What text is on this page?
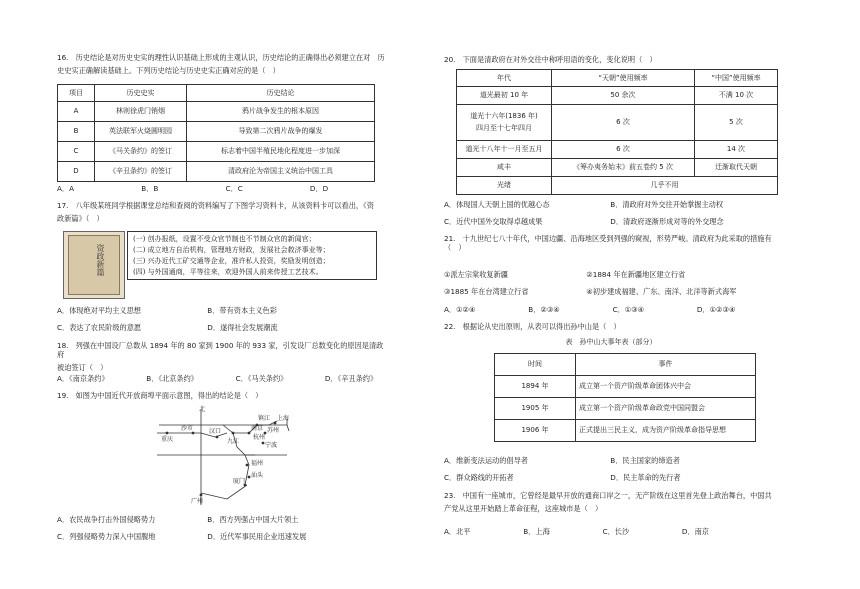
16.　历史结论是对历史史实的理性认识基础上形成的主观认识，历史结论的正确得出必须建立在对　历
史史实正确解读基础上。下列历史结论与历史史实正确对应的是（　）
项目	历史史实	历史结论
A	林则徐虎门销烟	鸦片战争发生的根本原因
B	英法联军火烧圆明园	导致第二次鸦片战争的爆发
C	《马关条约》的签订	标志着中国半殖民地化程度进一步加深
D	《辛丑条约》的签订	清政府沦为帝国主义统治中国工具
A．A	B．B	C．C	D．D
17.　八年级某班同学根据课堂总结和查阅的资料编写了下图学习资料卡，从该资料卡可以看出，《资
政新篇》（　）
资政新篇
(一) 创办报纸，设置不受众官节制也不节制众官的新闻官；
(二) 成立地方自治机构，管理地方财政，发展社会救济事业等；
(三) 兴办近代工矿交通等企业，准许私人投资，奖励发明创造；
(四) 与外国通商，平等往来，欢迎外国人前来传授工艺技术。
A．体现绝对平均主义思想	B．带有资本主义色彩
C．表达了农民阶级的意愿	D．遂得社会发展潮流
18.　列强在中国设厂总数从 1894 年的 80 家到 1900 年的 933 家，引发设厂总数变化的原因是清政府
被迫签订（　）
A．《南京条约》	B．《北京条约》	C．《马关条约》	D．《辛丑条约》
19.　如图为中国近代开放商埠平面示意图，得出的结论是（　）
北
镇江
南京
上海
汉口
九江
重庆
沙市	苏州
杭州
宁波
福州
厦门
汕头
广州
A．农民战争打击外国侵略势力	B．西方列强占中国大片领土
C．列强侵略势力深入中国腹地	D．近代军事民用企业迅速发展
20.　下面是清政府在对外交往中称呼用语的变化，变化说明（　）
年代	“天朝”使用频率	“中国”使用频率
道光最初 10 年	50 余次	不满 10 次

道光十六年(1836 年)
四月至十七年四月	6 次	5 次
道光十八年十一月至五月	6 次	14 次
咸丰	《筹办夷务始末》前五卷约 5 次	迁渐取代天朝
光绪	几乎不用	
A．体现国人天朝上国的优越心态	B．清政府对外交往开始掌握主动权
C．近代中国外交取得卓越成果	D．清政府逐渐形成对等的外交理念
21.　十九世纪七八十年代，中国边疆、沿海地区受到列强的窥视，形势严峻。清政府为此采取的措施有（　）
①派左宗棠收复新疆	②1884 年在新疆地区建立行省
③1885 年在台湾建立行省	④初步建成福建、广东、南洋、北洋等新式海军
A．①②④	B．②③④	C．①③④	D．①②③④
22.　根据论从史出原则，从表可以得出孙中山是（　）
表　孙中山大事年表（部分）
时间	事件
1894 年	成立第一个资产阶级革命团体兴中会
1905 年	成立第一个资产阶级革命政党中国同盟会
1906 年	正式提出三民主义，成为资产阶级革命指导思想
A．维新变法运动的倡导者	B．民主国家的缔造者
C．群众路线的开拓者	D．民主革命的先行者
23.　中国有一座城市，它曾经是最早开放的通商口岸之一，无产阶级在这里首先登上政治舞台，中国共
产党从这里开始踏上革命征程，这座城市是（　）
A．北平	B．上海	C．长沙	D．南京
